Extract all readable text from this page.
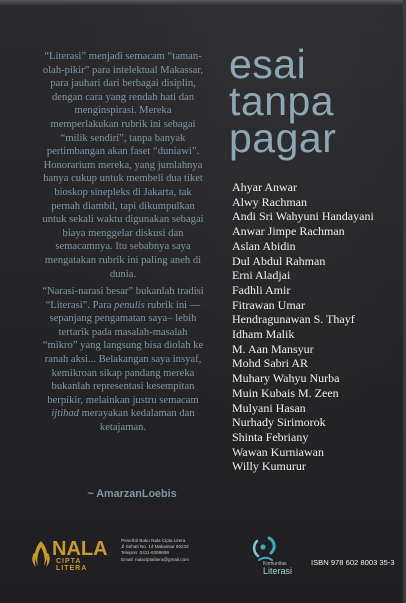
“Literasi” menjadi semacam “taman-olah-pikir” para intelektual Makassar, para jauhari dari berbagai disiplin, dengan cara yang rendah hati dan menginspirasi. Mereka memperlakukan rubrik ini sebagai “milik sendiri”, tanpa banyak pertimbangan akan faset “duniawi”. Honorarium mereka, yang jumlahnya hanya cukup untuk membeli dua tiket bioskop sinepleks di Jakarta, tak pernah diambil, tapi dikumpulkan untuk sekali waktu digunakan sebagai biaya menggelar diskusi dan semacamnya. Itu sebabnya saya mengatakan rubrik ini paling aneh di dunia.

“Narasi-narasi besar” bukanlah tradisi “Literasi”. Para penulis rubrik ini —sepanjang pengamatan saya– lebih tertarik pada masalah-masalah “mikro” yang langsung bisa diolah ke ranah aksi... Belakangan saya insyaf, kemikroan sikap pandang mereka bukanlah representasi kesempitan berpikir, melainkan justru semacam ijtihad merayakan kedalaman dan ketajaman.

~ AmarzanLoebis
esai
tanpa
pagar
Ahyar Anwar
Alwy Rachman
Andi Sri Wahyuni Handayani
Anwar Jimpe Rachman
Aslan Abidin
Dul Abdul Rahman
Erni Aladjai
Fadhli Amir
Fitrawan Umar
Hendragunawan S. Thayf
Idham Malik
M. Aan Mansyur
Mohd Sabri AR
Muhary Wahyu Nurba
Muin Kubais M. Zeen
Mulyani Hasan
Nurhady Sirimorok
Shinta Febriany
Wawan Kurniawan
Willy Kumurur
NALA
CIPTA LITERA
Penerbit Buku Nala Cipta Litera
Jl Sehati No. 14 Makassar 90232
Telepon: 0411-9399699
Email: nalaciptalitera@gmail.com
Komunitas
Literasi
ISBN 978 602 8003 35-3
